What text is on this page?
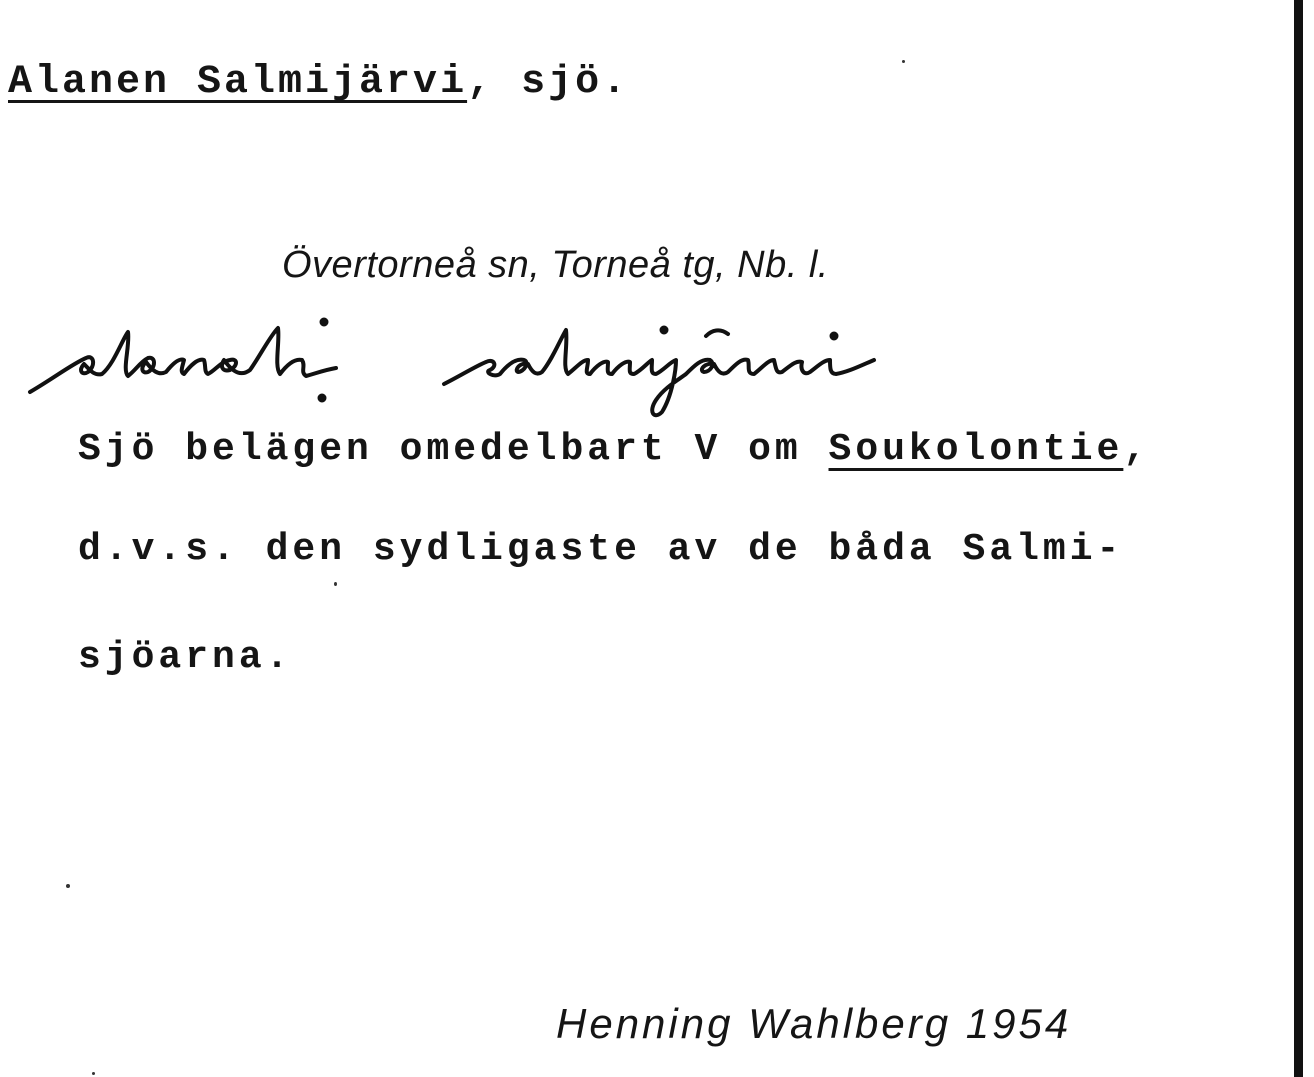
Alanen Salmijärvi, sjö.
Övertorneå sn, Torneå tg, Nb. l.
Sjö belägen omedelbart V om Soukolontie,
d.v.s. den sydligaste av de båda Salmi-
sjöarna.
Henning Wahlberg 1954
